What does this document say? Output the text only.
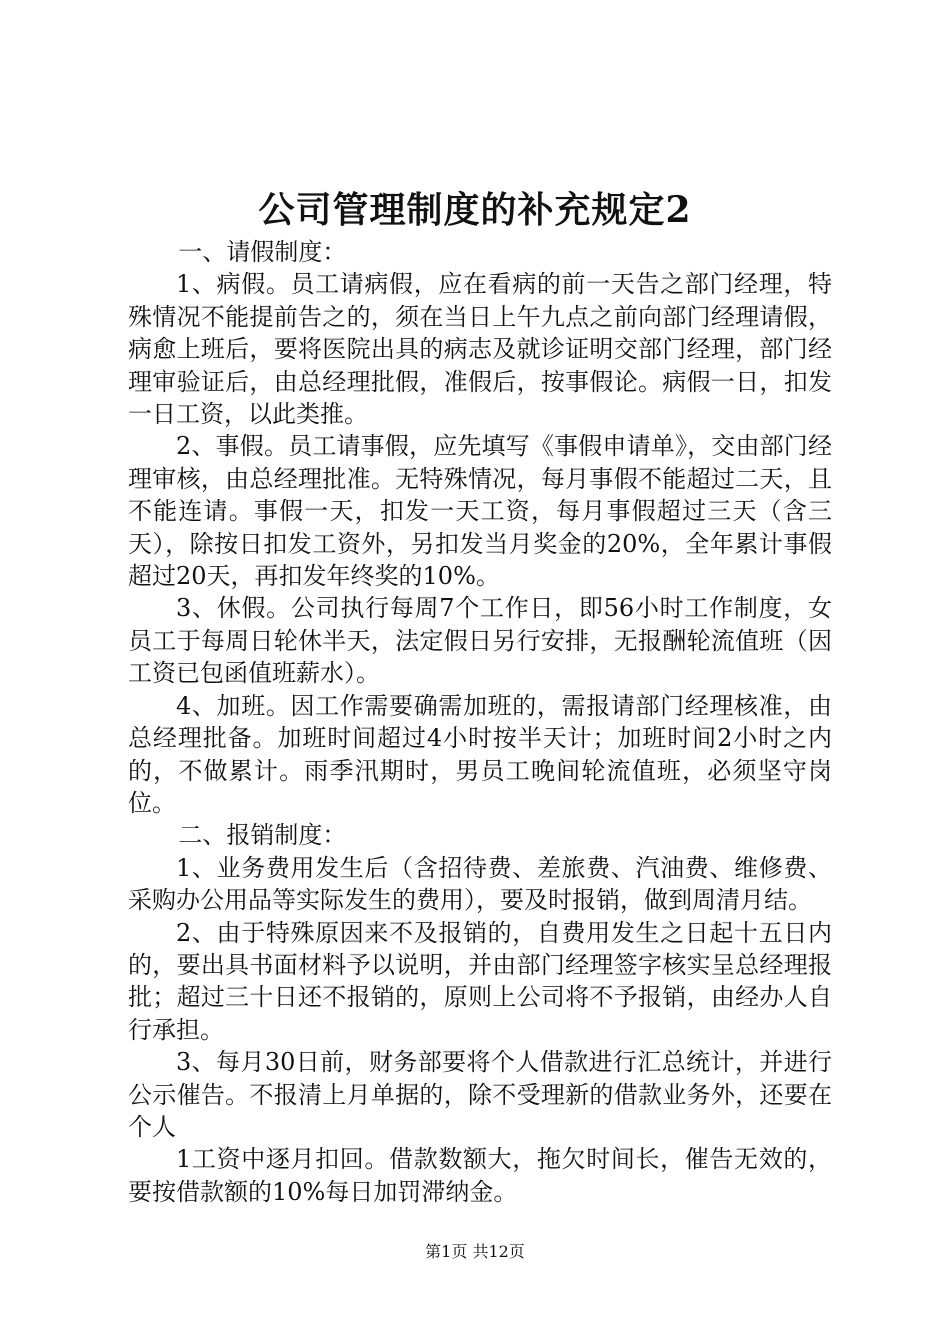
公司管理制度的补充规定2

一、请假制度：

1、病假。员工请病假，应在看病的前一天告之部门经理，特殊情况不能提前告之的，须在当日上午九点之前向部门经理请假，病愈上班后，要将医院出具的病志及就诊证明交部门经理，部门经理审验证后，由总经理批假，准假后，按事假论。病假一日，扣发一日工资，以此类推。

2、事假。员工请事假，应先填写《事假申请单》，交由部门经理审核，由总经理批准。无特殊情况，每月事假不能超过二天，且不能连请。事假一天，扣发一天工资，每月事假超过三天（含三天），除按日扣发工资外，另扣发当月奖金的20%，全年累计事假超过20天，再扣发年终奖的10%。

3、休假。公司执行每周7个工作日，即56小时工作制度，女员工于每周日轮休半天，法定假日另行安排，无报酬轮流值班（因工资已包函值班薪水）。

4、加班。因工作需要确需加班的，需报请部门经理核准，由总经理批备。加班时间超过4小时按半天计；加班时间2小时之内的，不做累计。雨季汛期时，男员工晚间轮流值班，必须坚守岗位。

二、报销制度：

1、业务费用发生后（含招待费、差旅费、汽油费、维修费、采购办公用品等实际发生的费用），要及时报销，做到周清月结。

2、由于特殊原因来不及报销的，自费用发生之日起十五日内的，要出具书面材料予以说明，并由部门经理签字核实呈总经理报批；超过三十日还不报销的，原则上公司将不予报销，由经办人自行承担。

3、每月30日前，财务部要将个人借款进行汇总统计，并进行公示催告。不报清上月单据的，除不受理新的借款业务外，还要在个人

1工资中逐月扣回。借款数额大，拖欠时间长，催告无效的，要按借款额的10%每日加罚滞纳金。

第1页 共12页
